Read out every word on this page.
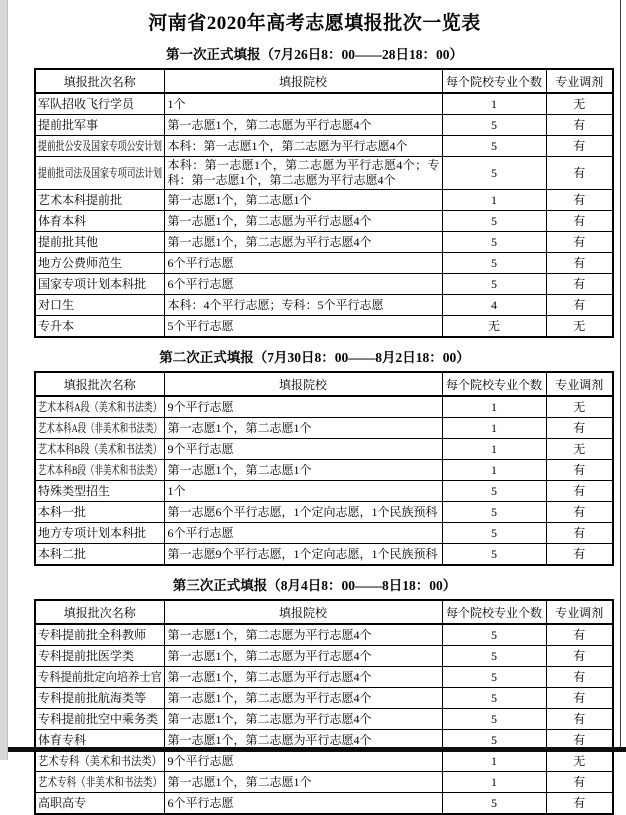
河南省2020年高考志愿填报批次一览表
第一次正式填报（7月26日8：00——28日18：00）
填报批次名称	填报院校	每个院校专业个数	专业调剂
军队招收飞行学员	1个	1	无
提前批军事	第一志愿1个，第二志愿为平行志愿4个	5	有
提前批公安及国家专项公安计划	本科：第一志愿1个，第二志愿为平行志愿4个	5	有
提前批司法及国家专项司法计划	本科：第一志愿1个，第二志愿为平行志愿4个；专科：第一志愿1个，第二志愿为平行志愿4个	5	有
艺术本科提前批	第一志愿1个，第二志愿1个	1	有
体育本科	第一志愿1个，第二志愿为平行志愿4个	5	有
提前批其他	第一志愿1个，第二志愿为平行志愿4个	5	有
地方公费师范生	6个平行志愿	5	有
国家专项计划本科批	6个平行志愿	5	有
对口生	本科：4个平行志愿；专科：5个平行志愿	4	有
专升本	5个平行志愿	无	无
第二次正式填报（7月30日8：00——8月2日18：00）
填报批次名称	填报院校	每个院校专业个数	专业调剂
艺术本科A段（美术和书法类）	9个平行志愿	1	无
艺术本科A段（非美术和书法类）	第一志愿1个，第二志愿1个	1	有
艺术本科B段（美术和书法类）	9个平行志愿	1	无
艺术本科B段（非美术和书法类）	第一志愿1个，第二志愿1个	1	有
特殊类型招生	1个	5	有
本科一批	第一志愿6个平行志愿，1个定向志愿，1个民族预科	5	有
地方专项计划本科批	6个平行志愿	5	有
本科二批	第一志愿9个平行志愿，1个定向志愿，1个民族预科	5	有
第三次正式填报（8月4日8：00——8日18：00）
填报批次名称	填报院校	每个院校专业个数	专业调剂
专科提前批全科教师	第一志愿1个，第二志愿为平行志愿4个	5	有
专科提前批医学类	第一志愿1个，第二志愿为平行志愿4个	5	有
专科提前批定向培养士官	第一志愿1个，第二志愿为平行志愿4个	5	有
专科提前批航海类等	第一志愿1个，第二志愿为平行志愿4个	5	有
专科提前批空中乘务类	第一志愿1个，第二志愿为平行志愿4个	5	有
体育专科	第一志愿1个，第二志愿为平行志愿4个	5	有
艺术专科（美术和书法类）	9个平行志愿	1	无
艺术专科（非美术和书法类）	第一志愿1个，第二志愿1个	1	有
高职高专	6个平行志愿	5	有
